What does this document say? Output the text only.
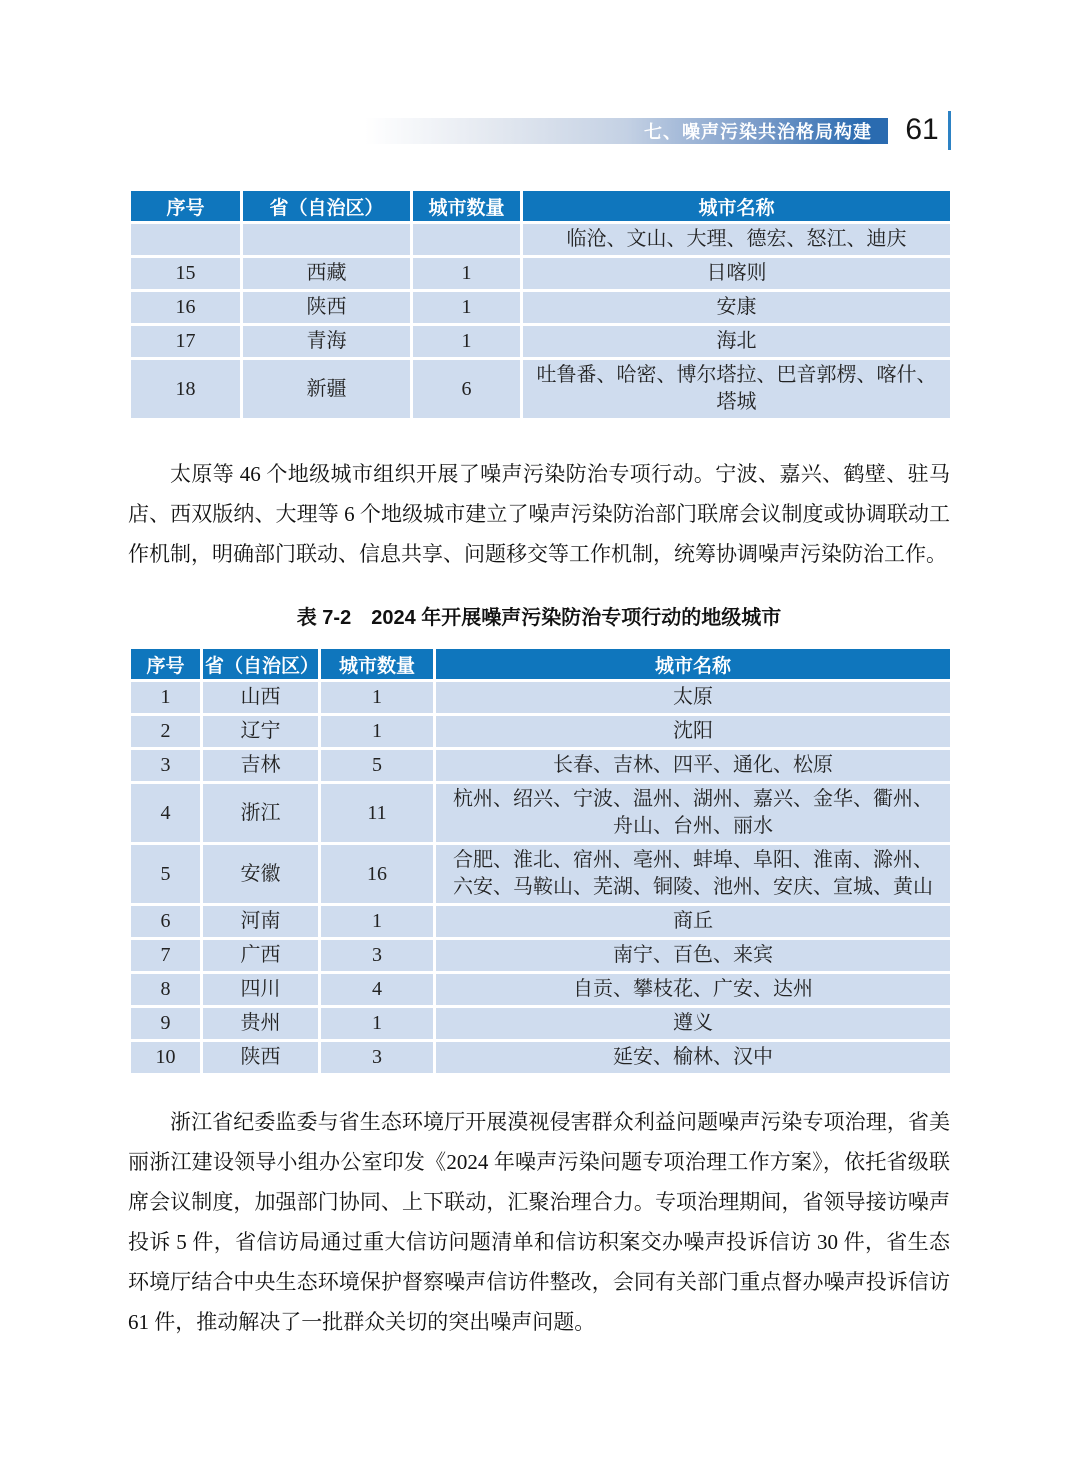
七、噪声污染共治格局构建 61
序号	省（自治区）	城市数量	城市名称
			临沧、文山、大理、德宏、怒江、迪庆
15	西藏	1	日喀则
16	陕西	1	安康
17	青海	1	海北
18	新疆	6	吐鲁番、哈密、博尔塔拉、巴音郭楞、喀什、塔城

太原等 46 个地级城市组织开展了噪声污染防治专项行动。宁波、嘉兴、鹤壁、驻马店、西双版纳、大理等 6 个地级城市建立了噪声污染防治部门联席会议制度或协调联动工作机制，明确部门联动、信息共享、问题移交等工作机制，统筹协调噪声污染防治工作。

表 7-2　2024 年开展噪声污染防治专项行动的地级城市
序号	省（自治区）	城市数量	城市名称
1	山西	1	太原
2	辽宁	1	沈阳
3	吉林	5	长春、吉林、四平、通化、松原
4	浙江	11	杭州、绍兴、宁波、温州、湖州、嘉兴、金华、衢州、舟山、台州、丽水
5	安徽	16	合肥、淮北、宿州、亳州、蚌埠、阜阳、淮南、滁州、六安、马鞍山、芜湖、铜陵、池州、安庆、宣城、黄山
6	河南	1	商丘
7	广西	3	南宁、百色、来宾
8	四川	4	自贡、攀枝花、广安、达州
9	贵州	1	遵义
10	陕西	3	延安、榆林、汉中

浙江省纪委监委与省生态环境厅开展漠视侵害群众利益问题噪声污染专项治理，省美丽浙江建设领导小组办公室印发《2024 年噪声污染问题专项治理工作方案》，依托省级联席会议制度，加强部门协同、上下联动，汇聚治理合力。专项治理期间，省领导接访噪声投诉 5 件，省信访局通过重大信访问题清单和信访积案交办噪声投诉信访 30 件，省生态环境厅结合中央生态环境保护督察噪声信访件整改，会同有关部门重点督办噪声投诉信访 61 件，推动解决了一批群众关切的突出噪声问题。
